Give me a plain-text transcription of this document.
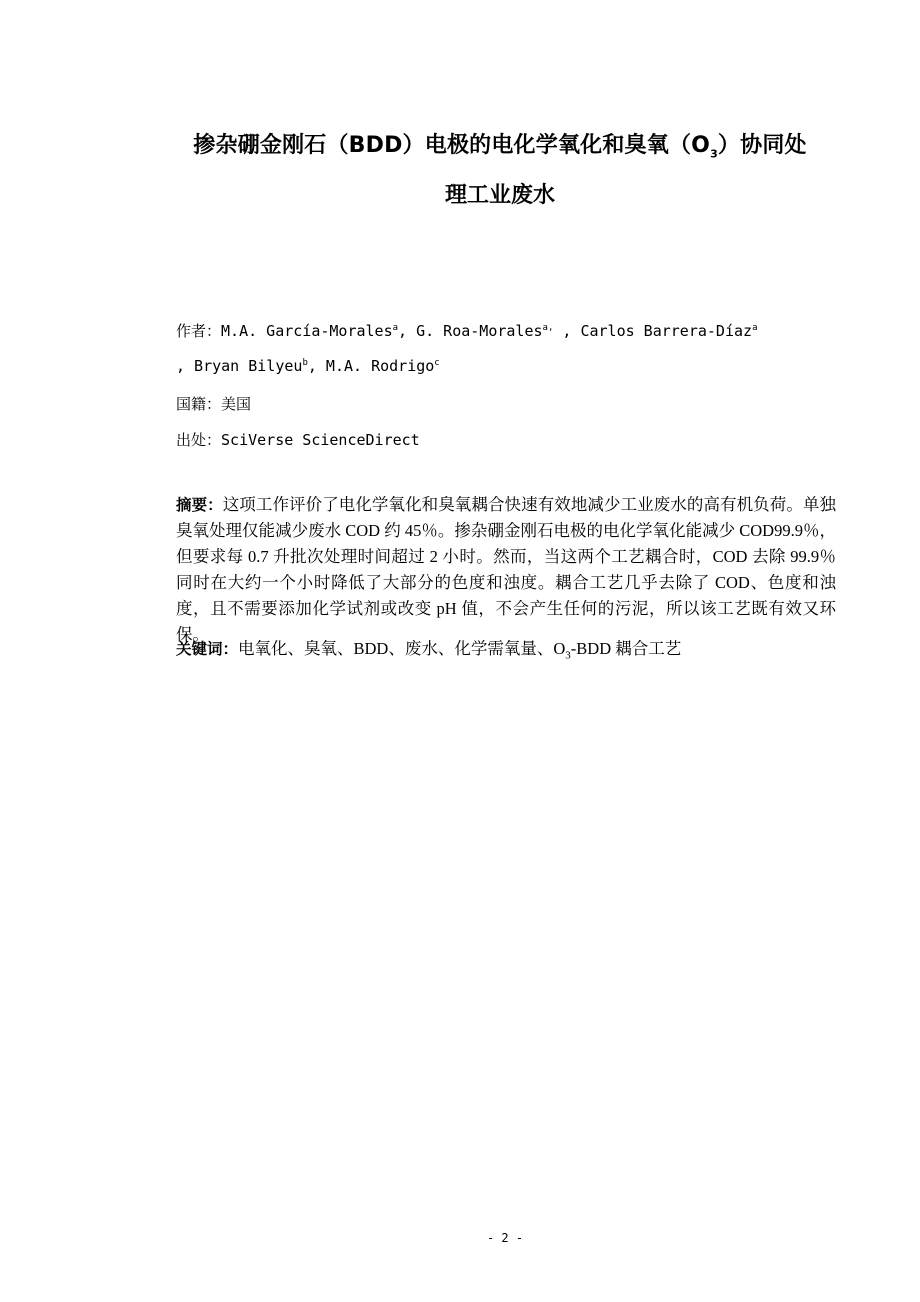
掺杂硼金刚石（BDD）电极的电化学氧化和臭氧$(O_3)$协同处
理工业废水
作者：M.A. García-Morales$^a$, G. Roa-Morales$^{a,}$ , Carlos Barrera-Díaz$^a$
, Bryan Bilyeu$^b$, M.A. Rodrigo$^c$
国籍：美国
出处：SciVerse ScienceDirect
摘要：这项工作评价了电化学氧化和臭氧耦合快速有效地减少工业废水的高有机负荷。单独臭氧处理仅能减少废水 COD 约 45％。掺杂硼金刚石电极的电化学氧化能减少 COD99.9％，但要求每 0.7 升批次处理时间超过 2 小时。然而，当这两个工艺耦合时，COD 去除 99.9％同时在大约一个小时降低了大部分的色度和浊度。耦合工艺几乎去除了 COD、色度和浊度，且不需要添加化学试剂或改变 pH 值，不会产生任何的污泥，所以该工艺既有效又环保。
关键词：电氧化、臭氧、BDD、废水、化学需氧量、$O_3$-BDD 耦合工艺
- 2 -
